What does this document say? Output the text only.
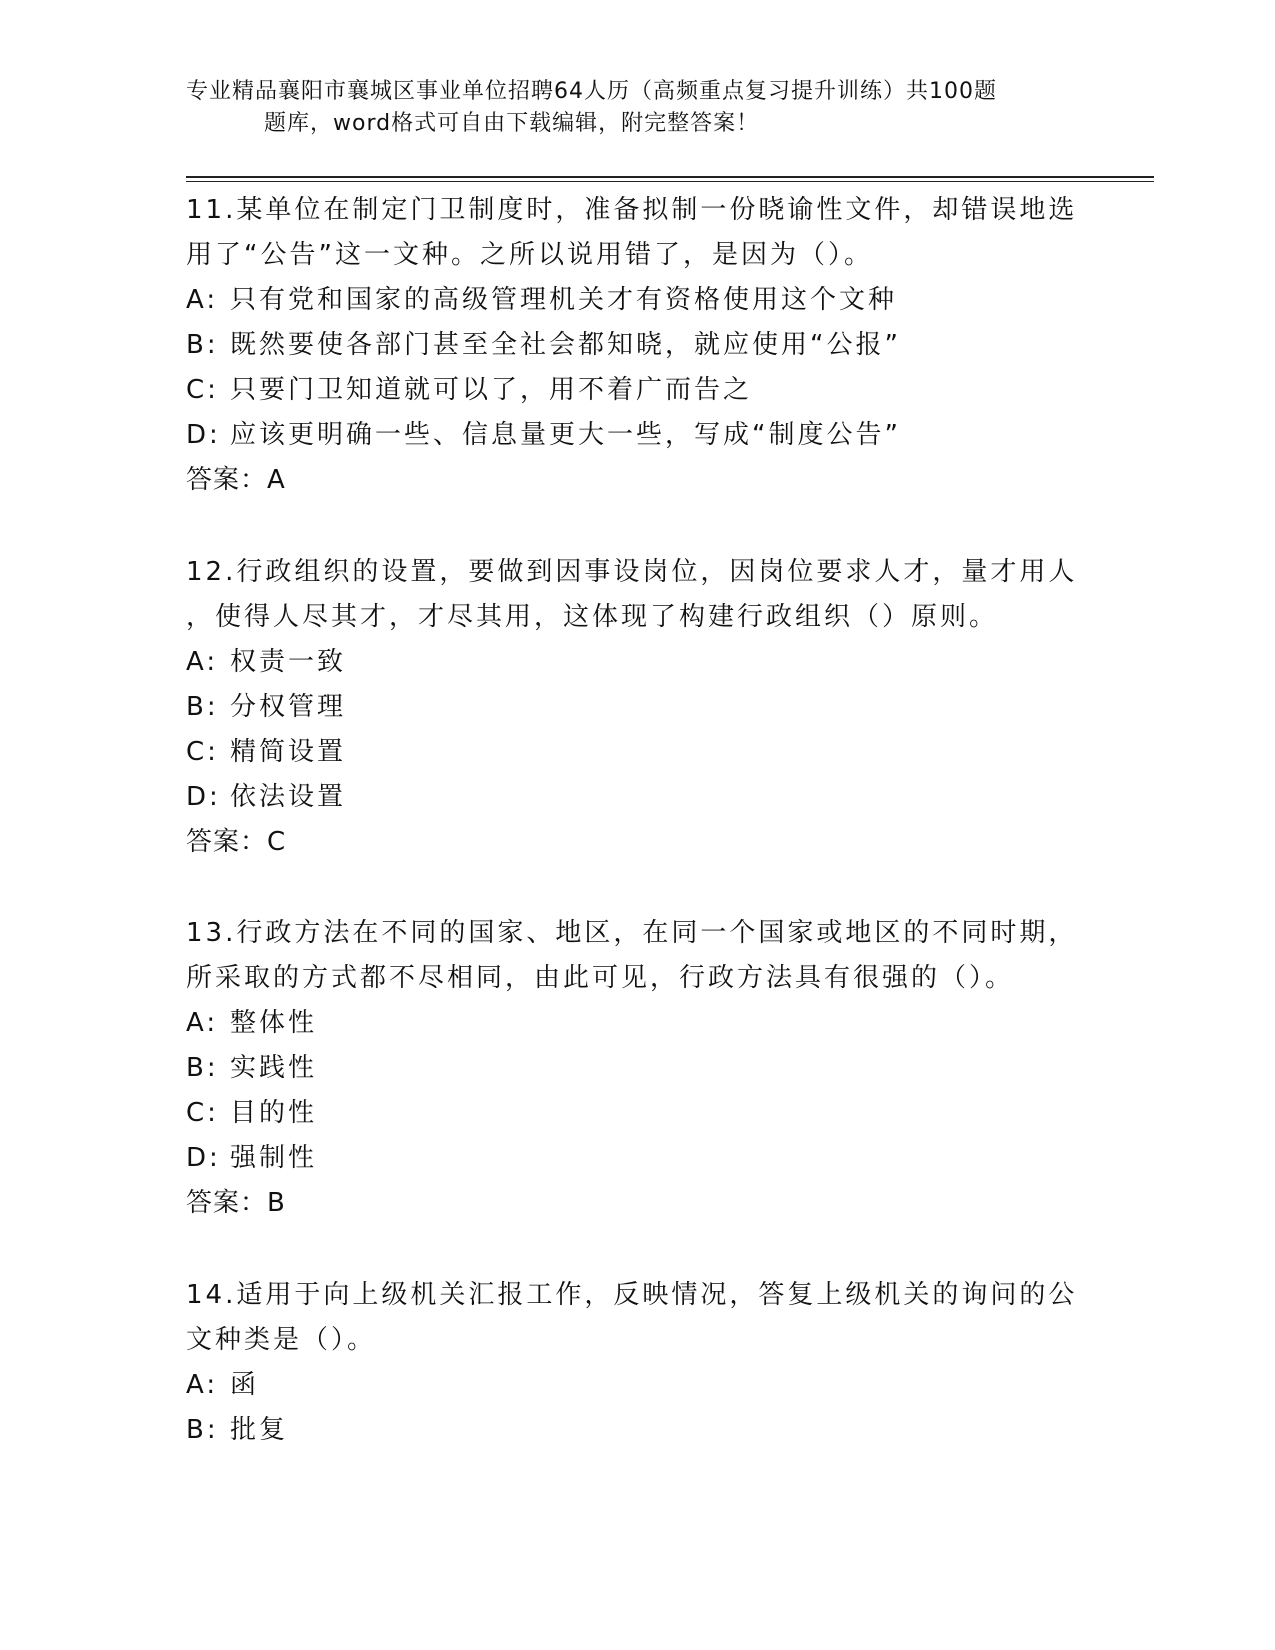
专业精品襄阳市襄城区事业单位招聘64人历（高频重点复习提升训练）共100题
题库，word格式可自由下载编辑，附完整答案！

11.某单位在制定门卫制度时，准备拟制一份晓谕性文件，却错误地选

用了“公告”这一文种。之所以说用错了，是因为（）。

A: 只有党和国家的高级管理机关才有资格使用这个文种

B: 既然要使各部门甚至全社会都知晓，就应使用“公报”

C: 只要门卫知道就可以了，用不着广而告之

D: 应该更明确一些、信息量更大一些，写成“制度公告”

答案：A

12.行政组织的设置，要做到因事设岗位，因岗位要求人才，量才用人

，使得人尽其才，才尽其用，这体现了构建行政组织（）原则。

A: 权责一致

B: 分权管理

C: 精简设置

D: 依法设置

答案：C

13.行政方法在不同的国家、地区，在同一个国家或地区的不同时期，

所采取的方式都不尽相同，由此可见，行政方法具有很强的（）。

A: 整体性

B: 实践性

C: 目的性

D: 强制性

答案：B

14.适用于向上级机关汇报工作，反映情况，答复上级机关的询问的公

文种类是（）。

A: 函

B: 批复
